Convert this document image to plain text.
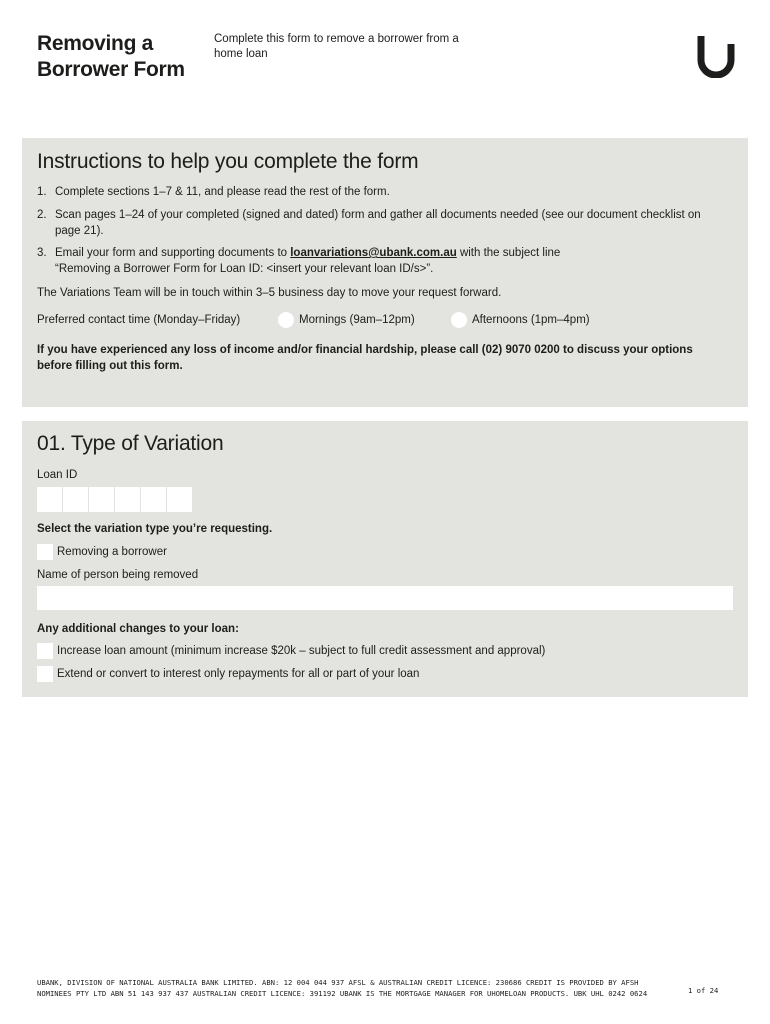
Removing a Borrower Form
Complete this form to remove a borrower from a home loan
Instructions to help you complete the form
1. Complete sections 1–7 & 11, and please read the rest of the form.
2. Scan pages 1–24 of your completed (signed and dated) form and gather all documents needed (see our document checklist on page 21).
3. Email your form and supporting documents to loanvariations@ubank.com.au with the subject line
“Removing a Borrower Form for Loan ID: <insert your relevant loan ID/s>”.
The Variations Team will be in touch within 3–5 business day to move your request forward.
Preferred contact time (Monday–Friday)	Mornings (9am–12pm)	Afternoons (1pm–4pm)
If you have experienced any loss of income and/or financial hardship, please call (02) 9070 0200 to discuss your options before filling out this form.
01. Type of Variation
Loan ID
Select the variation type you’re requesting.
Removing a borrower
Name of person being removed
Any additional changes to your loan:
Increase loan amount (minimum increase $20k – subject to full credit assessment and approval)
Extend or convert to interest only repayments for all or part of your loan
UBANK, DIVISION OF NATIONAL AUSTRALIA BANK LIMITED. ABN: 12 004 044 937 AFSL & AUSTRALIAN CREDIT LICENCE: 230686 CREDIT IS PROVIDED BY AFSH NOMINEES PTY LTD ABN 51 143 937 437 AUSTRALIAN CREDIT LICENCE: 391192 UBANK IS THE MORTGAGE MANAGER FOR UHOMELOAN PRODUCTS. UBK UHL 0242 0624	1 of 24
